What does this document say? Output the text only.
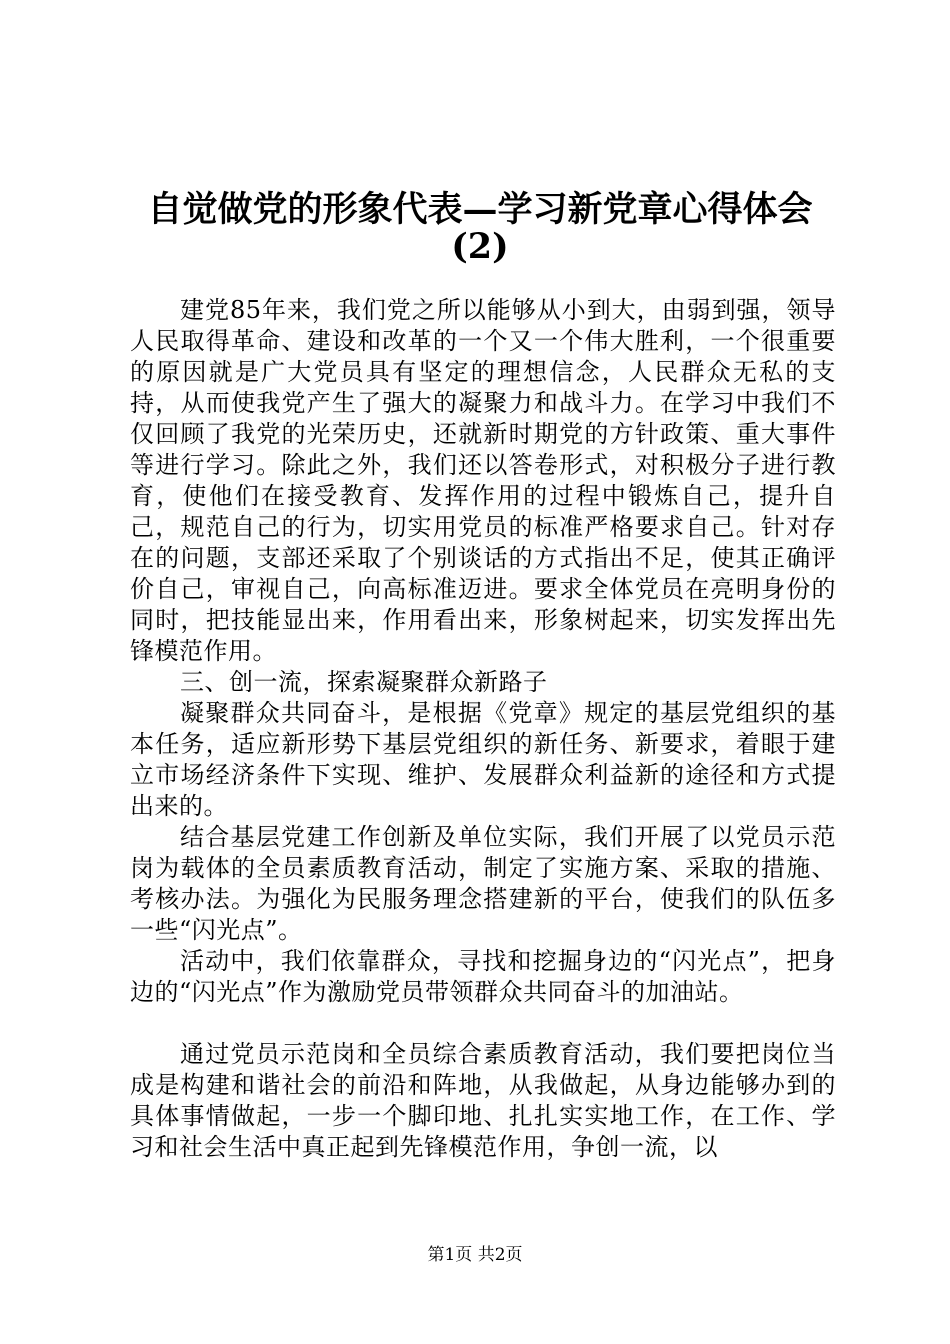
自觉做党的形象代表—学习新党章心得体会
(2)

建党85年来，我们党之所以能够从小到大，由弱到强，领导人民取得革命、建设和改革的一个又一个伟大胜利，一个很重要的原因就是广大党员具有坚定的理想信念，人民群众无私的支持，从而使我党产生了强大的凝聚力和战斗力。在学习中我们不仅回顾了我党的光荣历史，还就新时期党的方针政策、重大事件等进行学习。除此之外，我们还以答卷形式，对积极分子进行教育，使他们在接受教育、发挥作用的过程中锻炼自己，提升自己，规范自己的行为，切实用党员的标准严格要求自己。针对存在的问题，支部还采取了个别谈话的方式指出不足，使其正确评价自己，审视自己，向高标准迈进。要求全体党员在亮明身份的同时，把技能显出来，作用看出来，形象树起来，切实发挥出先锋模范作用。

三、创一流，探索凝聚群众新路子

凝聚群众共同奋斗，是根据《党章》规定的基层党组织的基本任务，适应新形势下基层党组织的新任务、新要求，着眼于建立市场经济条件下实现、维护、发展群众利益新的途径和方式提出来的。

结合基层党建工作创新及单位实际，我们开展了以党员示范岗为载体的全员素质教育活动，制定了实施方案、采取的措施、考核办法。为强化为民服务理念搭建新的平台，使我们的队伍多一些“闪光点”。

活动中，我们依靠群众，寻找和挖掘身边的“闪光点”，把身边的“闪光点”作为激励党员带领群众共同奋斗的加油站。

通过党员示范岗和全员综合素质教育活动，我们要把岗位当成是构建和谐社会的前沿和阵地，从我做起，从身边能够办到的具体事情做起，一步一个脚印地、扎扎实实地工作，在工作、学习和社会生活中真正起到先锋模范作用，争创一流，以

第1页 共2页
